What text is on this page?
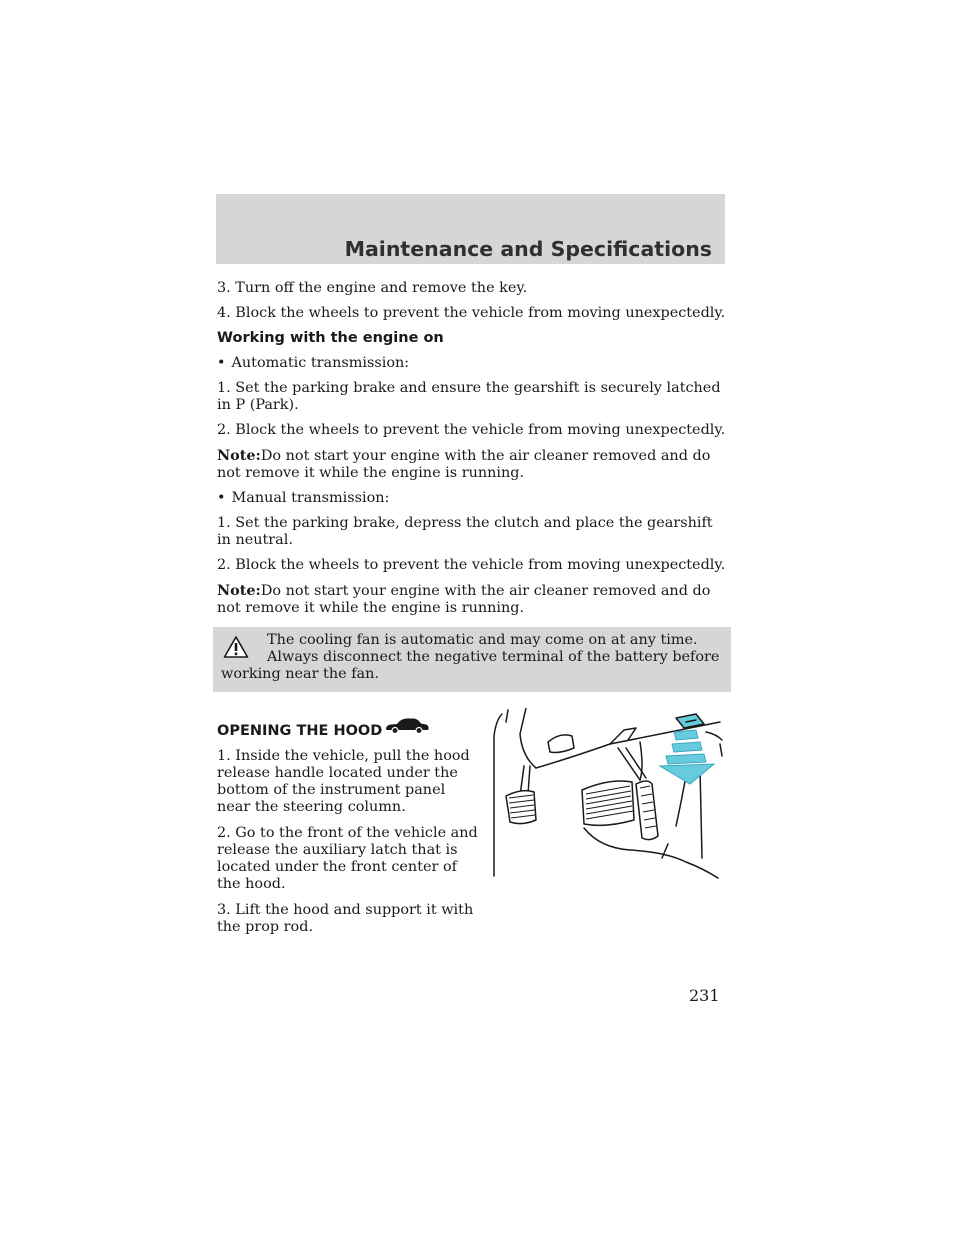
Maintenance and Specifications

3. Turn off the engine and remove the key.

4. Block the wheels to prevent the vehicle from moving unexpectedly.

Working with the engine on

• Automatic transmission:

1. Set the parking brake and ensure the gearshift is securely latched in P (Park).

2. Block the wheels to prevent the vehicle from moving unexpectedly.

Note:Do not start your engine with the air cleaner removed and do not remove it while the engine is running.

• Manual transmission:

1. Set the parking brake, depress the clutch and place the gearshift in neutral.

2. Block the wheels to prevent the vehicle from moving unexpectedly.

Note:Do not start your engine with the air cleaner removed and do not remove it while the engine is running.

The cooling fan is automatic and may come on at any time.
Always disconnect the negative terminal of the battery before
working near the fan.
OPENING THE HOOD

1. Inside the vehicle, pull the hood release handle located under the bottom of the instrument panel near the steering column.

2. Go to the front of the vehicle and release the auxiliary latch that is located under the front center of the hood.

3. Lift the hood and support it with the prop rod.

231
